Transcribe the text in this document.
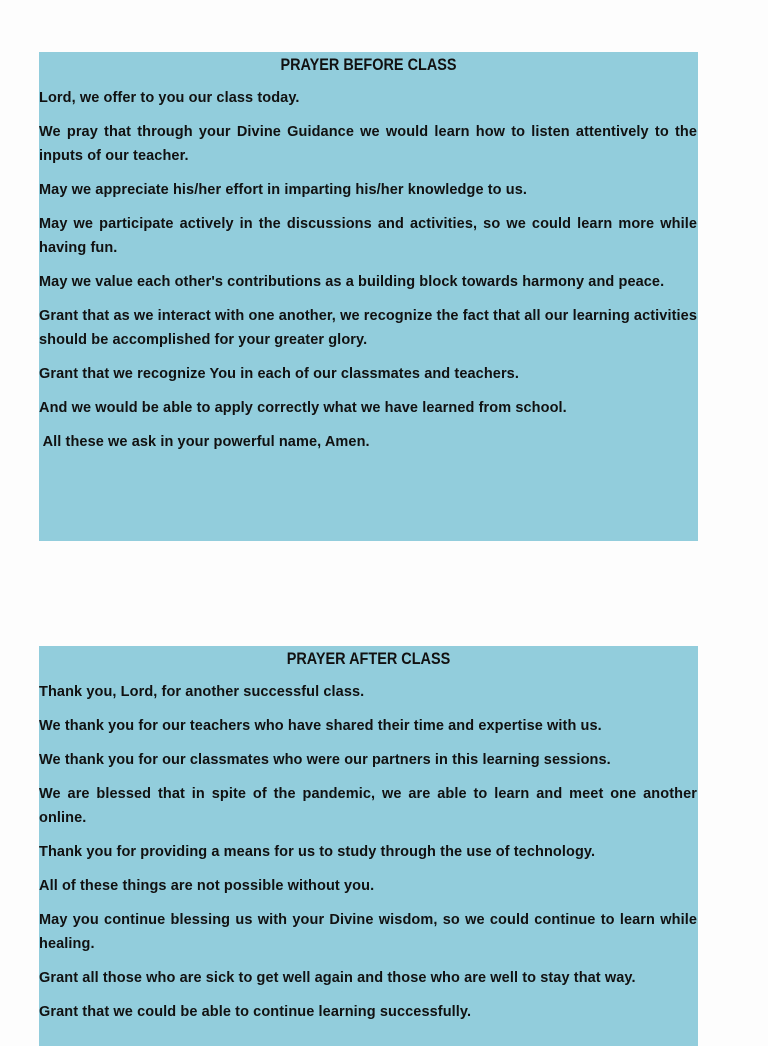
PRAYER BEFORE CLASS

Lord, we offer to you our class today.

We pray that through your Divine Guidance we would learn how to listen attentively to the inputs of our teacher.

May we appreciate his/her effort in imparting his/her knowledge to us.

May we participate actively in the discussions and activities, so we could learn more while having fun.

May we value each other's contributions as a building block towards harmony and peace.

Grant that as we interact with one another, we recognize the fact that all our learning activities should be accomplished for your greater glory.

Grant that we recognize You in each of our classmates and teachers.

And we would be able to apply correctly what we have learned from school.

All these we ask in your powerful name, Amen.

PRAYER AFTER CLASS

Thank you, Lord, for another successful class.

We thank you for our teachers who have shared their time and expertise with us.

We thank you for our classmates who were our partners in this learning sessions.

We are blessed that in spite of the pandemic, we are able to learn and meet one another online.

Thank you for providing a means for us to study through the use of technology.

All of these things are not possible without you.

May you continue blessing us with your Divine wisdom, so we could continue to learn while healing.

Grant all those who are sick to get well again and those who are well to stay that way.

Grant that we could be able to continue learning successfully.
